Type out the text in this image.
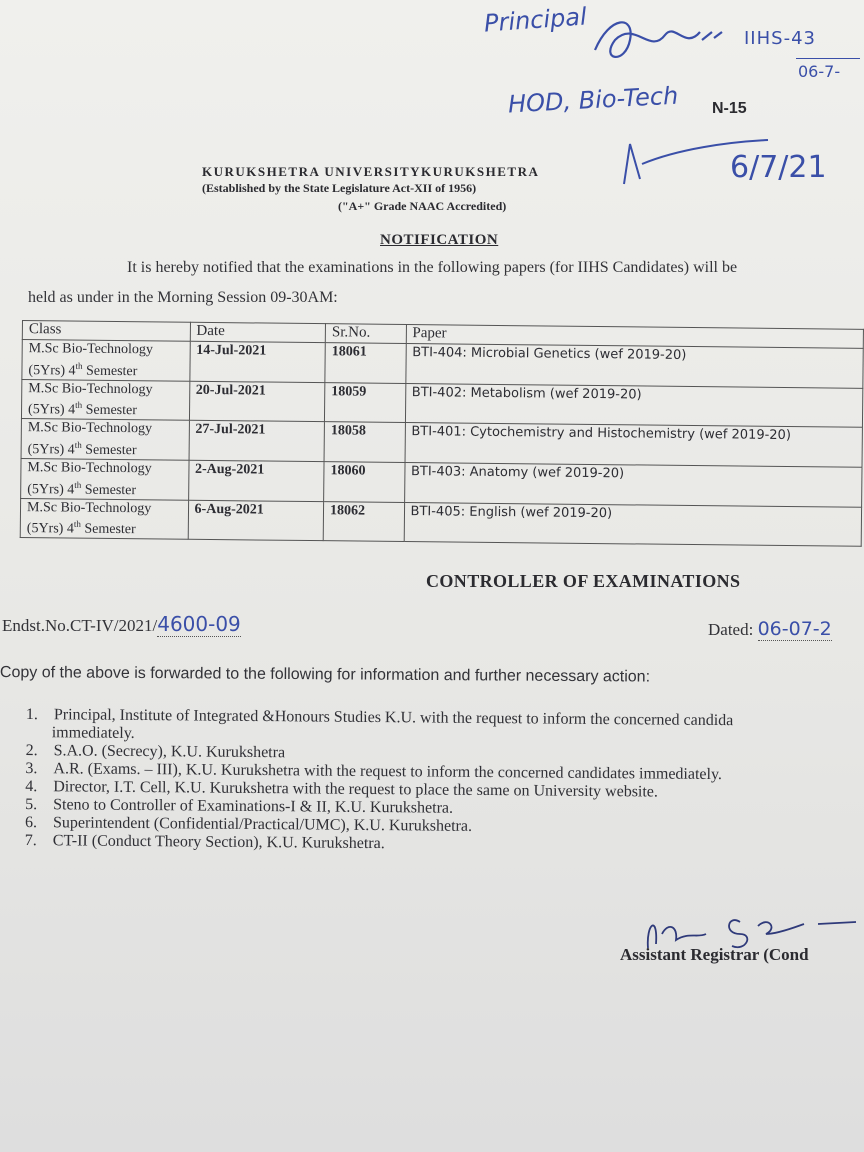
Principal
IIHS-43
06-7-
HOD, Bio-Tech N-15
6/7/21
KURUKSHETRA UNIVERSITYKURUKSHETRA
(Established by the State Legislature Act-XII of 1956)
("A+" Grade NAAC Accredited)
NOTIFICATION
It is hereby notified that the examinations in the following papers (for IIHS Candidates) will be
held as under in the Morning Session 09-30AM:
Class	Date	Sr.No.	Paper
M.Sc Bio-Technology
(5Yrs) 4th Semester	14-Jul-2021	18061	BTI-404: Microbial Genetics (wef 2019-20)
M.Sc Bio-Technology
(5Yrs) 4th Semester	20-Jul-2021	18059	BTI-402: Metabolism (wef 2019-20)
M.Sc Bio-Technology
(5Yrs) 4th Semester	27-Jul-2021	18058	BTI-401: Cytochemistry and Histochemistry (wef 2019-20)
M.Sc Bio-Technology
(5Yrs) 4th Semester	2-Aug-2021	18060	BTI-403: Anatomy (wef 2019-20)
M.Sc Bio-Technology
(5Yrs) 4th Semester	6-Aug-2021	18062	BTI-405: English (wef 2019-20)
CONTROLLER OF EXAMINATIONS
Endst.No.CT-IV/2021/4600-09	Dated: 06-07-2
Copy of the above is forwarded to the following for information and further necessary action:
1. Principal, Institute of Integrated &Honours Studies K.U. with the request to inform the concerned candida
immediately.
2. S.A.O. (Secrecy), K.U. Kurukshetra
3. A.R. (Exams. – III), K.U. Kurukshetra with the request to inform the concerned candidates immediately.
4. Director, I.T. Cell, K.U. Kurukshetra with the request to place the same on University website.
5. Steno to Controller of Examinations-I & II, K.U. Kurukshetra.
6. Superintendent (Confidential/Practical/UMC), K.U. Kurukshetra.
7. CT-II (Conduct Theory Section), K.U. Kurukshetra.
Assistant Registrar (Cond
